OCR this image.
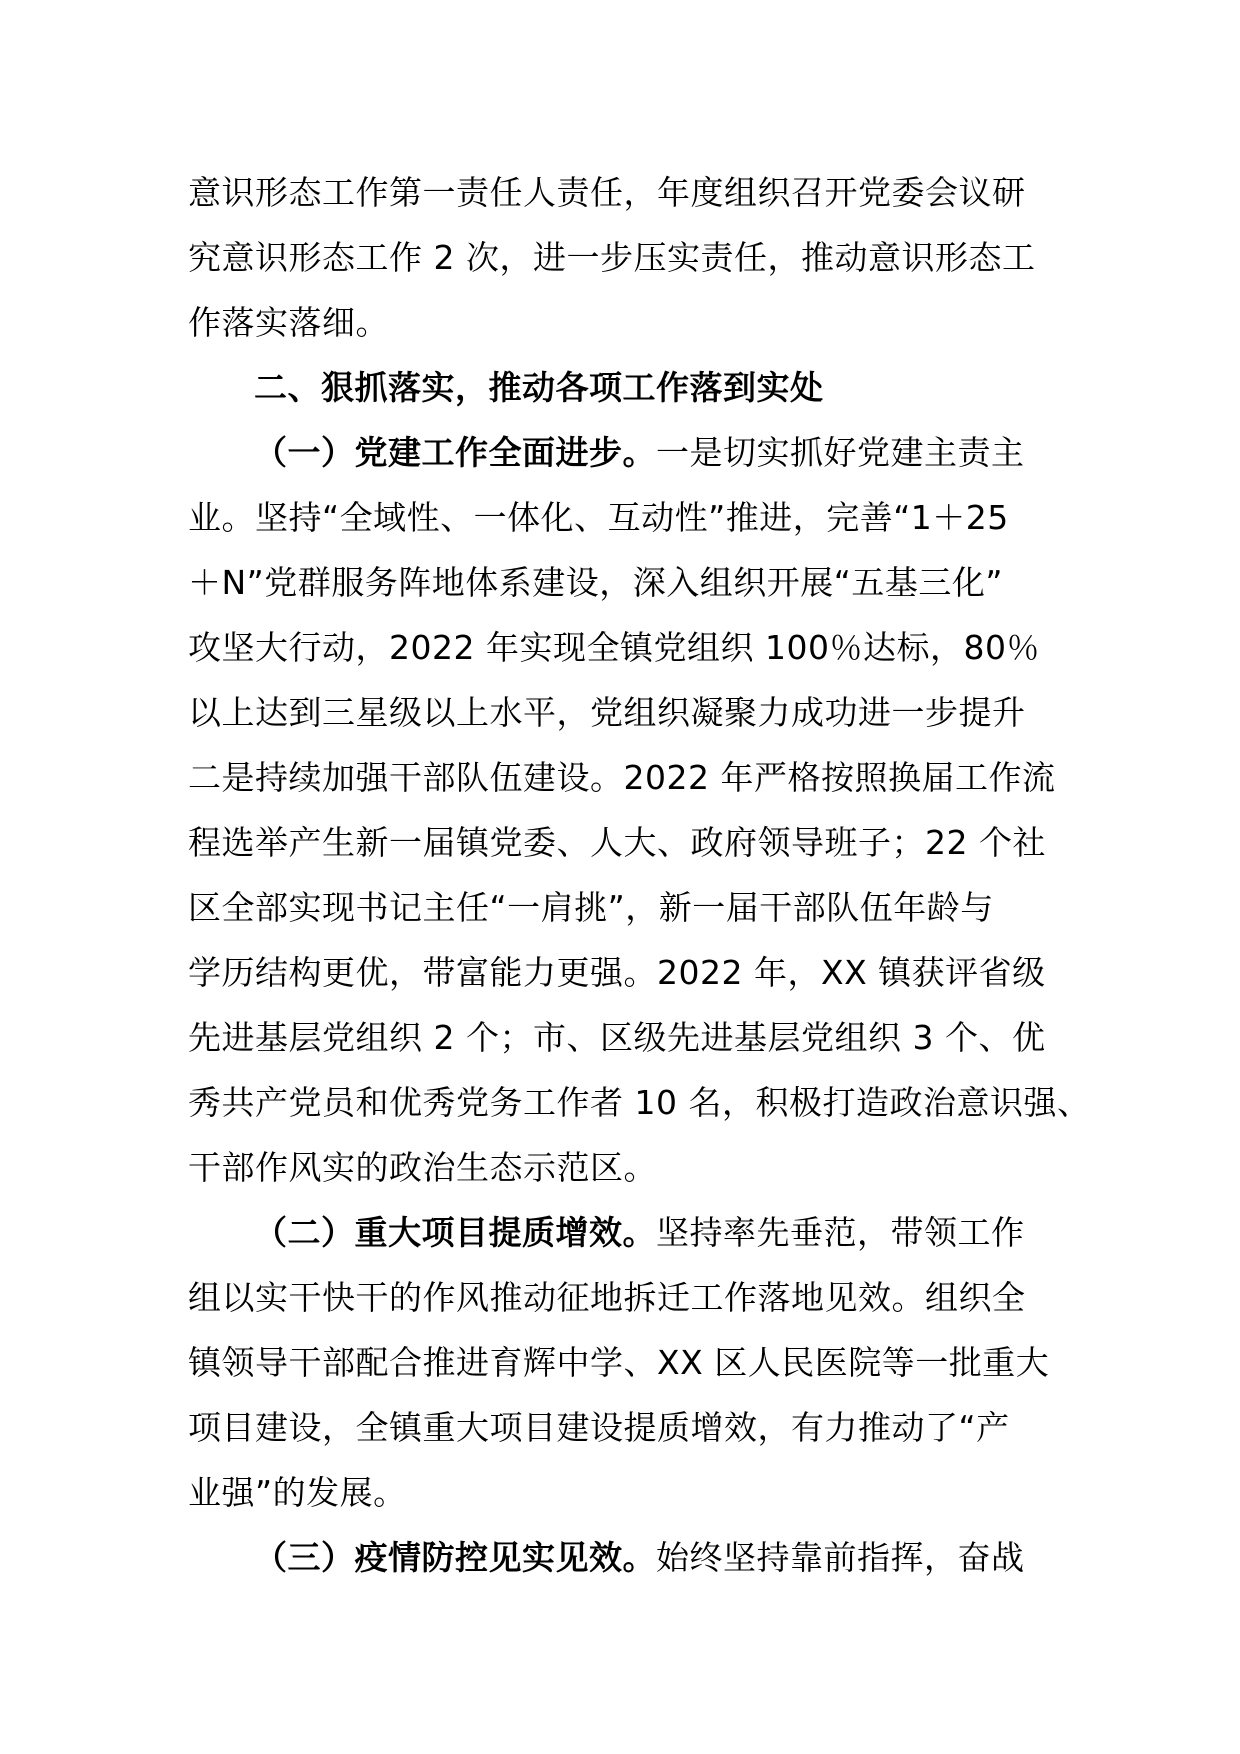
意识形态工作第一责任人责任，年度组织召开党委会议研
究意识形态工作 2 次，进一步压实责任，推动意识形态工
作落实落细。
二、狠抓落实，推动各项工作落到实处
（一）党建工作全面进步。一是切实抓好党建主责主
业。坚持“全域性、一体化、互动性”推进，完善“1＋25
＋N”党群服务阵地体系建设，深入组织开展“五基三化”
攻坚大行动，2022 年实现全镇党组织 100％达标，80％
以上达到三星级以上水平，党组织凝聚力成功进一步提升
二是持续加强干部队伍建设。2022 年严格按照换届工作流
程选举产生新一届镇党委、人大、政府领导班子；22 个社
区全部实现书记主任“一肩挑”，新一届干部队伍年龄与
学历结构更优，带富能力更强。2022 年，XX 镇获评省级
先进基层党组织 2 个；市、区级先进基层党组织 3 个、优
秀共产党员和优秀党务工作者 10 名，积极打造政治意识强、
干部作风实的政治生态示范区。
（二）重大项目提质增效。坚持率先垂范，带领工作
组以实干快干的作风推动征地拆迁工作落地见效。组织全
镇领导干部配合推进育辉中学、XX 区人民医院等一批重大
项目建设，全镇重大项目建设提质增效，有力推动了“产
业强”的发展。
（三）疫情防控见实见效。始终坚持靠前指挥，奋战
